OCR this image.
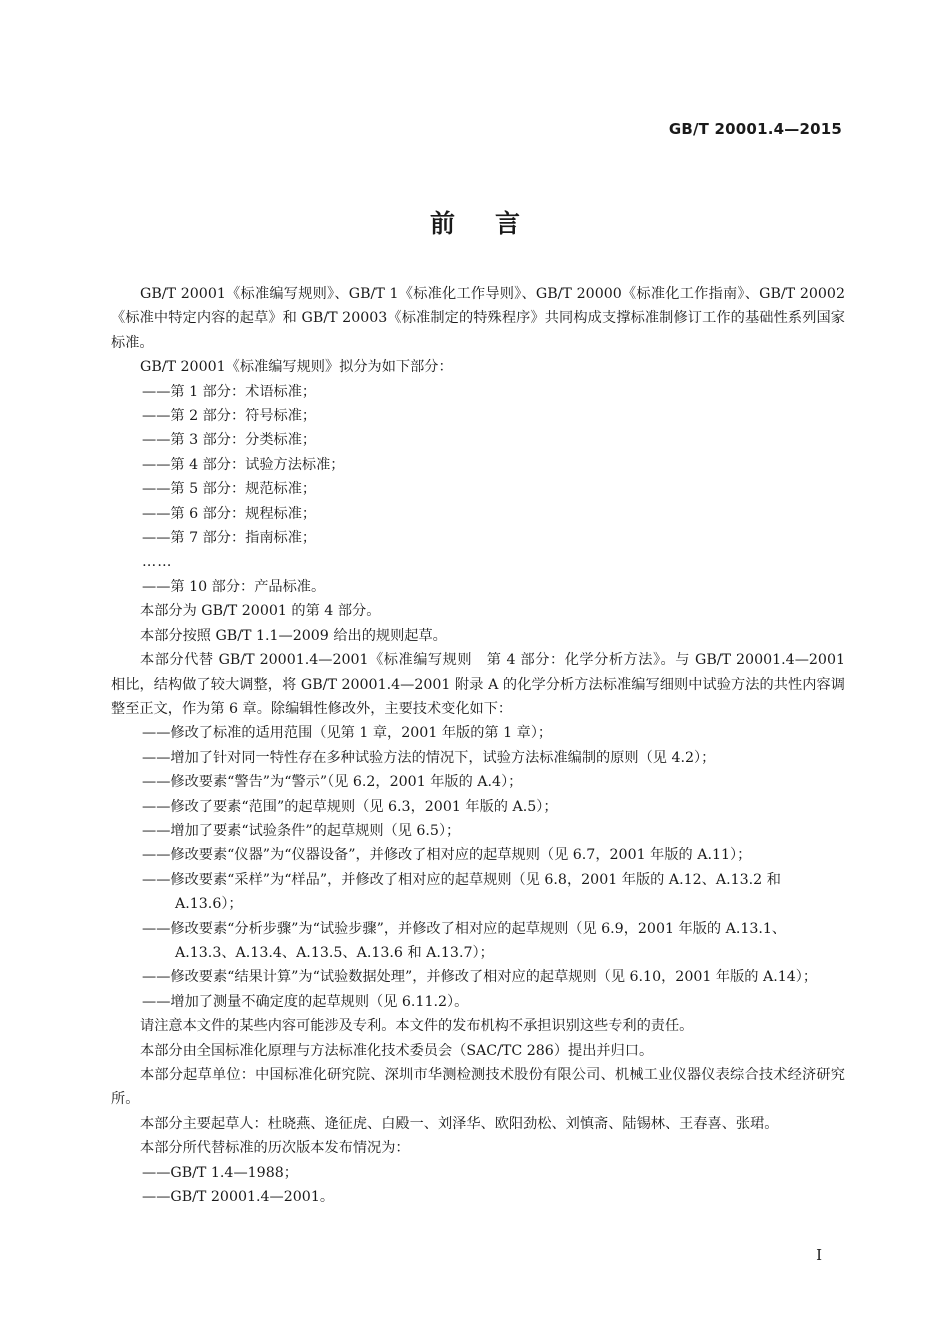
GB/T 20001.4—2015
前言

GB/T 20001《标准编写规则》、GB/T 1《标准化工作导则》、GB/T 20000《标准化工作指南》、GB/T 20002《标准中特定内容的起草》和 GB/T 20003《标准制定的特殊程序》共同构成支撑标准制修订工作的基础性系列国家标准。

GB/T 20001《标准编写规则》拟分为如下部分：

——第 1 部分：术语标准；

——第 2 部分：符号标准；

——第 3 部分：分类标准；

——第 4 部分：试验方法标准；

——第 5 部分：规范标准；

——第 6 部分：规程标准；

——第 7 部分：指南标准；

……

——第 10 部分：产品标准。

本部分为 GB/T 20001 的第 4 部分。

本部分按照 GB/T 1.1—2009 给出的规则起草。

本部分代替 GB/T 20001.4—2001《标准编写规则　第 4 部分：化学分析方法》。与 GB/T 20001.4—2001 相比，结构做了较大调整，将 GB/T 20001.4—2001 附录 A 的化学分析方法标准编写细则中试验方法的共性内容调整至正文，作为第 6 章。除编辑性修改外，主要技术变化如下：

——修改了标准的适用范围（见第 1 章，2001 年版的第 1 章）；

——增加了针对同一特性存在多种试验方法的情况下，试验方法标准编制的原则（见 4.2）；

——修改要素“警告”为“警示”（见 6.2，2001 年版的 A.4）；

——修改了要素“范围”的起草规则（见 6.3，2001 年版的 A.5）；

——增加了要素“试验条件”的起草规则（见 6.5）；

——修改要素“仪器”为“仪器设备”，并修改了相对应的起草规则（见 6.7，2001 年版的 A.11）；

——修改要素“采样”为“样品”，并修改了相对应的起草规则（见 6.8，2001 年版的 A.12、A.13.2 和 A.13.6）；

——修改要素“分析步骤”为“试验步骤”，并修改了相对应的起草规则（见 6.9，2001 年版的 A.13.1、A.13.3、A.13.4、A.13.5、A.13.6 和 A.13.7）；

——修改要素“结果计算”为“试验数据处理”，并修改了相对应的起草规则（见 6.10，2001 年版的 A.14）；

——增加了测量不确定度的起草规则（见 6.11.2）。

请注意本文件的某些内容可能涉及专利。本文件的发布机构不承担识别这些专利的责任。

本部分由全国标准化原理与方法标准化技术委员会（SAC/TC 286）提出并归口。

本部分起草单位：中国标准化研究院、深圳市华测检测技术股份有限公司、机械工业仪器仪表综合技术经济研究所。

本部分主要起草人：杜晓燕、逄征虎、白殿一、刘泽华、欧阳劲松、刘慎斋、陆锡林、王春喜、张珺。

本部分所代替标准的历次版本发布情况为：

——GB/T 1.4—1988；

——GB/T 20001.4—2001。

I
